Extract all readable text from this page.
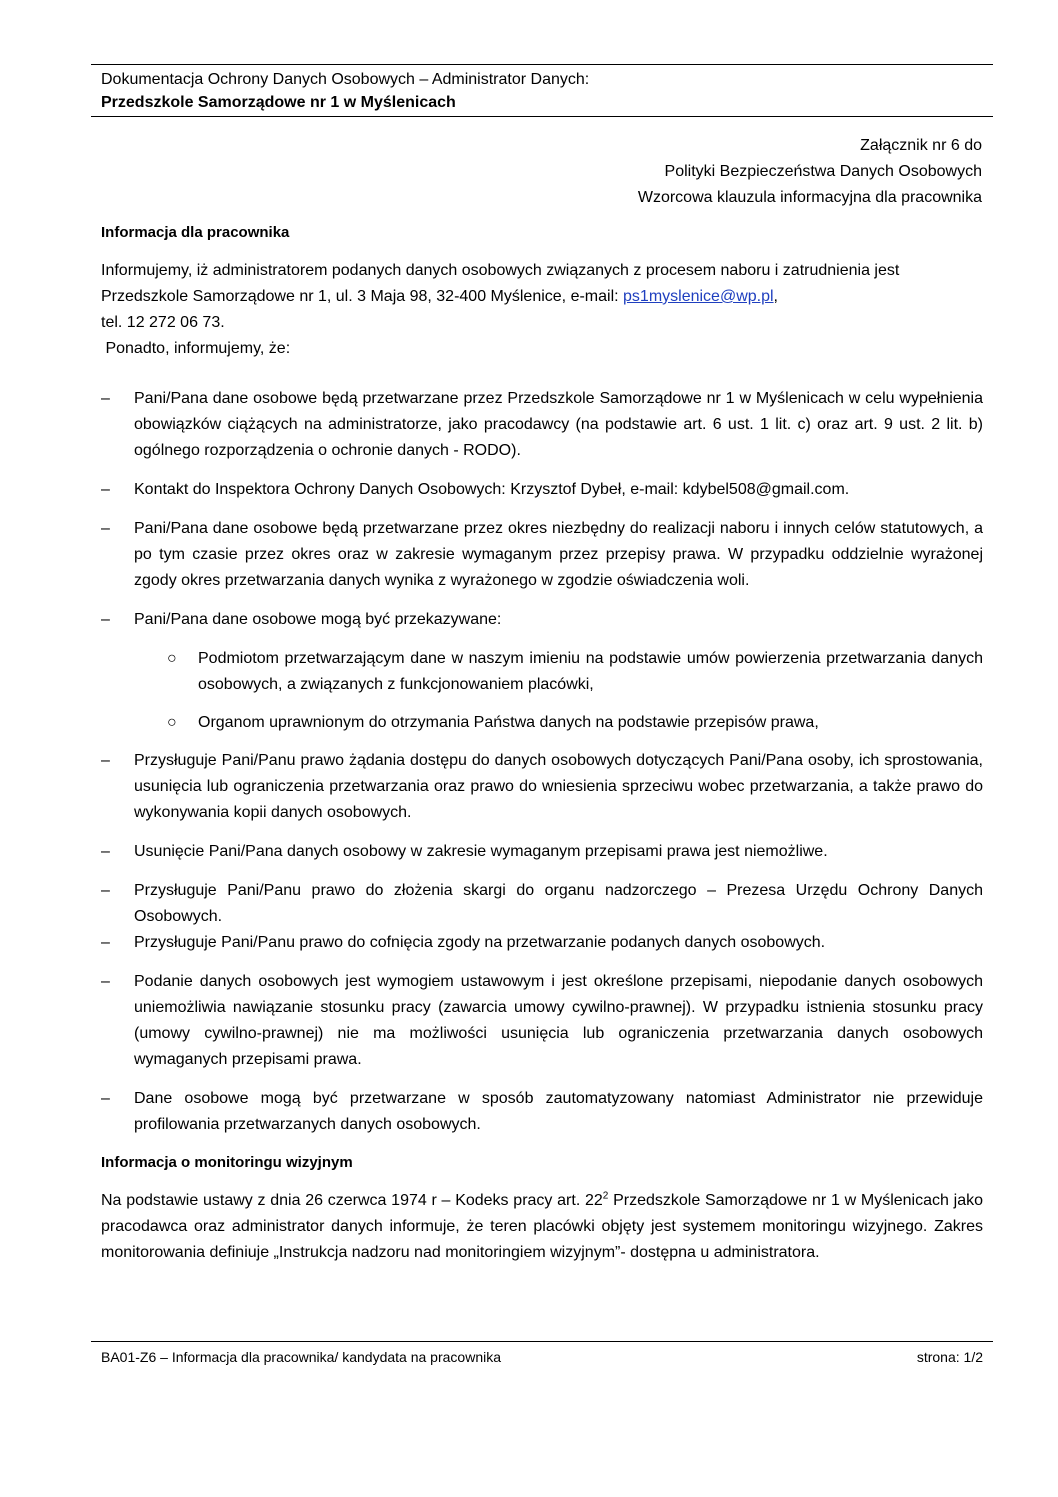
Dokumentacja Ochrony Danych Osobowych – Administrator Danych:
Przedszkole Samorządowe nr 1 w Myślenicach
Załącznik nr 6 do
Polityki Bezpieczeństwa Danych Osobowych
Wzorcowa klauzula informacyjna dla pracownika
Informacja dla pracownika

Informujemy, iż administratorem podanych danych osobowych związanych z procesem naboru i zatrudnienia jest Przedszkole Samorządowe nr 1, ul. 3 Maja 98, 32-400 Myślenice, e-mail: ps1myslenice@wp.pl,

tel. 12 272 06 73.

Ponadto, informujemy, że:

– Pani/Pana dane osobowe będą przetwarzane przez Przedszkole Samorządowe nr 1 w Myślenicach w celu wypełnienia obowiązków ciążących na administratorze, jako pracodawcy (na podstawie art. 6 ust. 1 lit. c) oraz art. 9 ust. 2 lit. b) ogólnego rozporządzenia o ochronie danych - RODO).
– Kontakt do Inspektora Ochrony Danych Osobowych: Krzysztof Dybeł, e-mail: kdybel508@gmail.com.
– Pani/Pana dane osobowe będą przetwarzane przez okres niezbędny do realizacji naboru i innych celów statutowych, a po tym czasie przez okres oraz w zakresie wymaganym przez przepisy prawa. W przypadku oddzielnie wyrażonej zgody okres przetwarzania danych wynika z wyrażonego w zgodzie oświadczenia woli.
– Pani/Pana dane osobowe mogą być przekazywane:
○ Podmiotom przetwarzającym dane w naszym imieniu na podstawie umów powierzenia przetwarzania danych osobowych, a związanych z funkcjonowaniem placówki,
○ Organom uprawnionym do otrzymania Państwa danych na podstawie przepisów prawa,
– Przysługuje Pani/Panu prawo żądania dostępu do danych osobowych dotyczących Pani/Pana osoby, ich sprostowania, usunięcia lub ograniczenia przetwarzania oraz prawo do wniesienia sprzeciwu wobec przetwarzania, a także prawo do wykonywania kopii danych osobowych.
– Usunięcie Pani/Pana danych osobowy w zakresie wymaganym przepisami prawa jest niemożliwe.
– Przysługuje Pani/Panu prawo do złożenia skargi do organu nadzorczego – Prezesa Urzędu Ochrony Danych Osobowych.
– Przysługuje Pani/Panu prawo do cofnięcia zgody na przetwarzanie podanych danych osobowych.
– Podanie danych osobowych jest wymogiem ustawowym i jest określone przepisami, niepodanie danych osobowych uniemożliwia nawiązanie stosunku pracy (zawarcia umowy cywilno-prawnej). W przypadku istnienia stosunku pracy (umowy cywilno-prawnej) nie ma możliwości usunięcia lub ograniczenia przetwarzania danych osobowych wymaganych przepisami prawa.
– Dane osobowe mogą być przetwarzane w sposób zautomatyzowany natomiast Administrator nie przewiduje profilowania przetwarzanych danych osobowych.
Informacja o monitoringu wizyjnym

Na podstawie ustawy z dnia 26 czerwca 1974 r – Kodeks pracy art. $22^2$ Przedszkole Samorządowe nr 1 w Myślenicach jako pracodawca oraz administrator danych informuje, że teren placówki objęty jest systemem monitoringu wizyjnego. Zakres monitorowania definiuje „Instrukcja nadzoru nad monitoringiem wizyjnym”- dostępna u administratora.

BA01-Z6 – Informacja dla pracownika/ kandydata na pracownika	strona: 1/2
